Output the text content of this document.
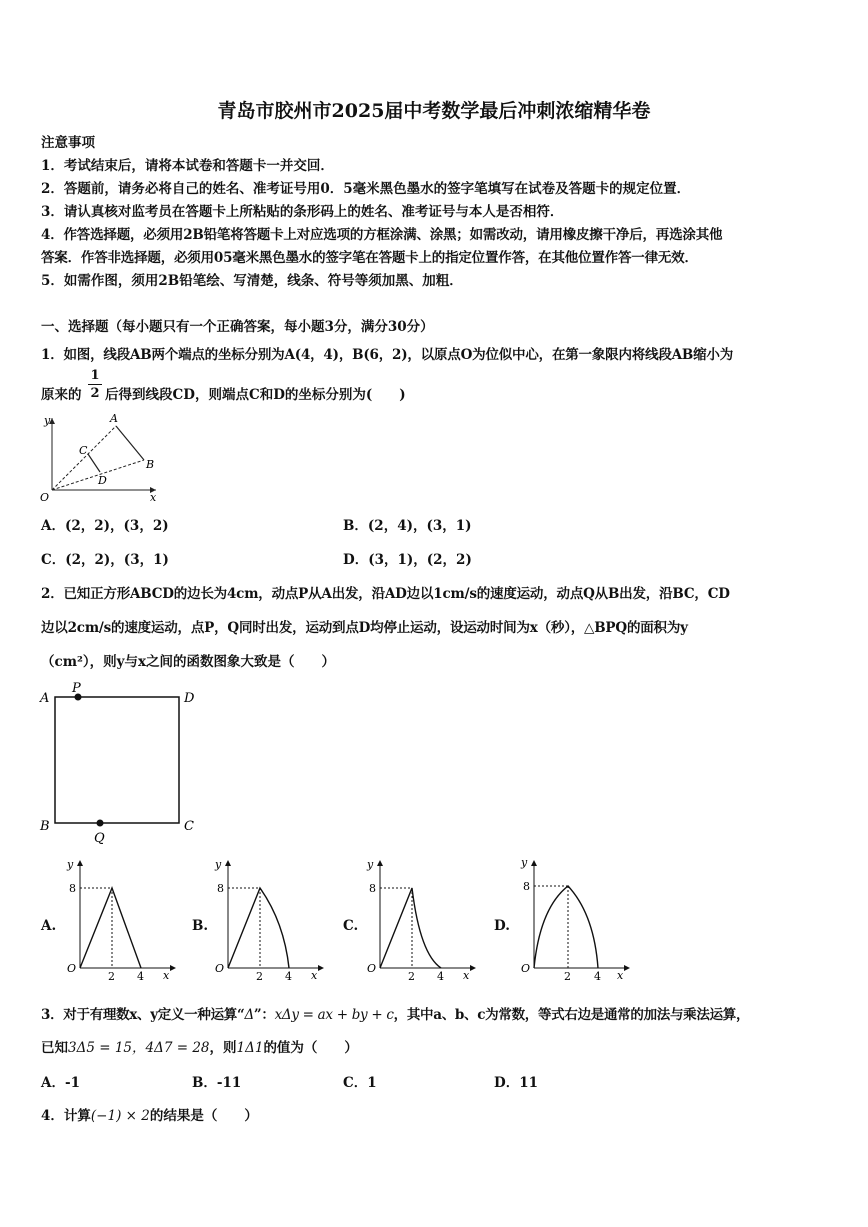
青岛市胶州市2025届中考数学最后冲刺浓缩精华卷
注意事项
1．考试结束后，请将本试卷和答题卡一并交回．
2．答题前，请务必将自己的姓名、准考证号用0．5毫米黑色墨水的签字笔填写在试卷及答题卡的规定位置．
3．请认真核对监考员在答题卡上所粘贴的条形码上的姓名、准考证号与本人是否相符．
4．作答选择题，必须用2B铅笔将答题卡上对应选项的方框涂满、涂黑；如需改动，请用橡皮擦干净后，再选涂其他
答案．作答非选择题，必须用05毫米黑色墨水的签字笔在答题卡上的指定位置作答，在其他位置作答一律无效．
5．如需作图，须用2B铅笔绘、写清楚，线条、符号等须加黑、加粗．
一、选择题（每小题只有一个正确答案，每小题3分，满分30分）
1．如图，线段AB两个端点的坐标分别为A(4，4)，B(6，2)，以原点O为位似中心，在第一象限内将线段AB缩小为
原来的
1
2 后得到线段CD，则端点C和D的坐标分别为(　　)
y
x
O
A
B
C
D
A．(2，2)，(3，2)	B．(2，4)，(3，1)
C．(2，2)，(3，1)	D．(3，1)，(2，2)
2．已知正方形ABCD的边长为4cm，动点P从A出发，沿AD边以1cm/s的速度运动，动点Q从B出发，沿BC，CD
边以2cm/s的速度运动，点P，Q同时出发，运动到点D均停止运动，设运动时间为x（秒），△BPQ的面积为y
（cm²），则y与x之间的函数图象大致是（　　）
A
B	C
D
P
Q
A.
y
x
O
8
2 4
B.
y
x
O
8
2 4
C.
y
x
O
8
2 4
D.
y
x
O
8
2 4
3．对于有理数x、y定义一种运算“Δ”：xΔy = ax + by + c，其中a、b、c为常数，等式右边是通常的加法与乘法运算，
已知3Δ5 = 15，4Δ7 = 28，则1Δ1的值为（　　）
A．-1	B．-11	C．1	D．11
4．计算(−1) × 2的结果是（　　）
